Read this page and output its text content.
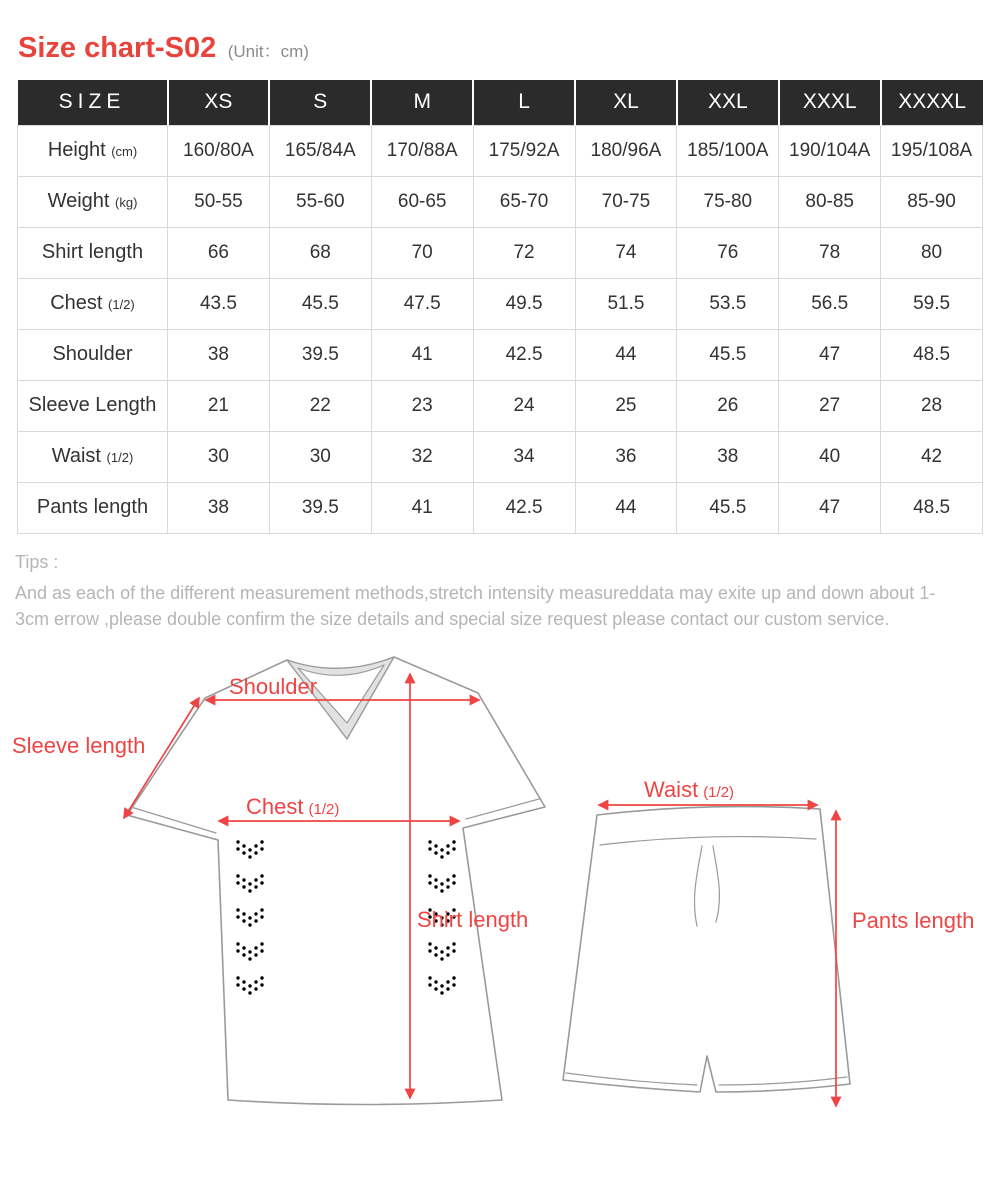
Size chart-S02 (Unit：cm)
SIZE	XS	S	M	L	XL	XXL	XXXL	XXXXL
Height (cm)	160/80A	165/84A	170/88A	175/92A	180/96A	185/100A	190/104A	195/108A
Weight (kg)	50-55	55-60	60-65	65-70	70-75	75-80	80-85	85-90
Shirt length	66	68	70	72	74	76	78	80
Chest (1/2)	43.5	45.5	47.5	49.5	51.5	53.5	56.5	59.5
Shoulder	38	39.5	41	42.5	44	45.5	47	48.5
Sleeve Length	21	22	23	24	25	26	27	28
Waist (1/2)	30	30	32	34	36	38	40	42
Pants length	38	39.5	41	42.5	44	45.5	47	48.5

Tips :

And as each of the different measurement methods,stretch intensity measureddata may exite up and down about 1-3cm errow ,please double confirm the size details and special size request please contact our custom service.

Shoulder
Sleeve length
Chest (1/2)
Shirt length
Waist (1/2)
Pants length
